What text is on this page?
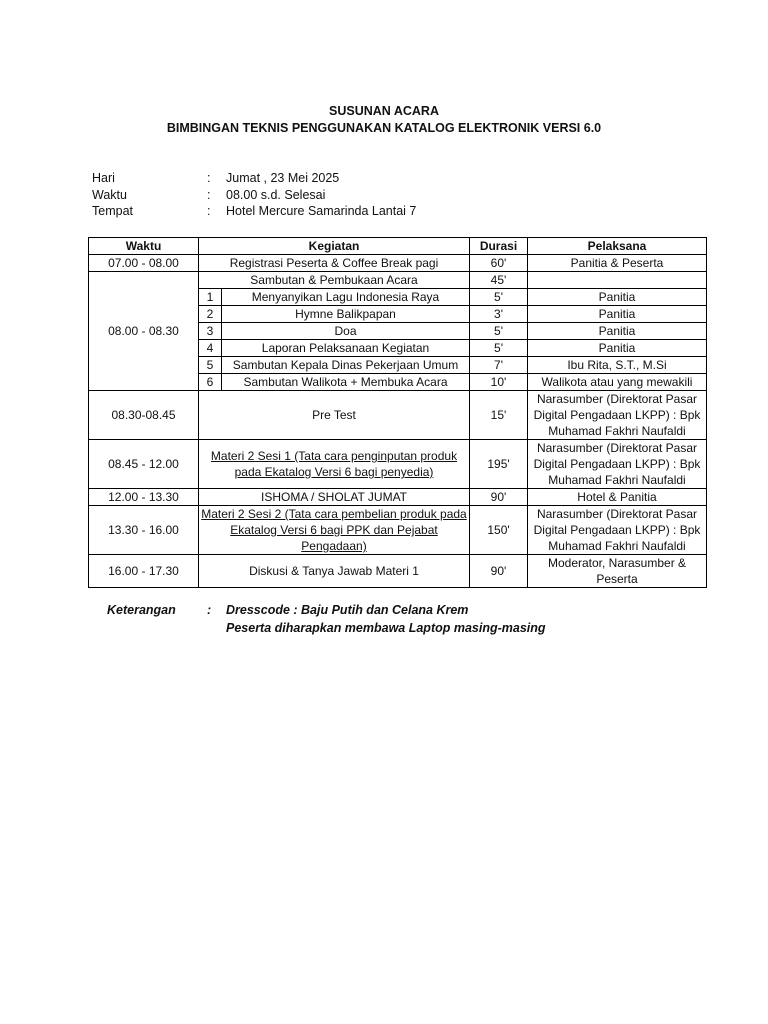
SUSUNAN ACARA
BIMBINGAN TEKNIS PENGGUNAKAN KATALOG ELEKTRONIK VERSI 6.0
Hari	: Jumat , 23 Mei 2025
Waktu	: 08.00 s.d. Selesai
Tempat	: Hotel Mercure Samarinda Lantai 7
Waktu	Kegiatan		Durasi	Pelaksana
07.00 - 08.00	Registrasi Peserta & Coffee Break pagi		60'	Panitia & Peserta
08.00 - 08.30	Sambutan & Pembukaan Acara		45'	
	1	Menyanyikan Lagu Indonesia Raya	5'	Panitia
	2	Hymne Balikpapan	3'	Panitia
	3	Doa	5'	Panitia
	4	Laporan Pelaksanaan Kegiatan	5'	Panitia
	5	Sambutan Kepala Dinas Pekerjaan Umum	7'	Ibu Rita, S.T., M.Si
	6	Sambutan Walikota + Membuka Acara	10'	Walikota atau yang mewakili
08.30-08.45	Pre Test		15'	Narasumber (Direktorat Pasar Digital Pengadaan LKPP) : Bpk Muhamad Fakhri Naufaldi
08.45 - 12.00	Materi 2 Sesi 1 (Tata cara penginputan produk pada Ekatalog Versi 6 bagi penyedia)		195'	Narasumber (Direktorat Pasar Digital Pengadaan LKPP) : Bpk Muhamad Fakhri Naufaldi
12.00 - 13.30	ISHOMA / SHOLAT JUMAT		90'	Hotel & Panitia
13.30 - 16.00	Materi 2 Sesi 2 (Tata cara pembelian produk pada Ekatalog Versi 6 bagi PPK dan Pejabat Pengadaan)		150'	Narasumber (Direktorat Pasar Digital Pengadaan LKPP) : Bpk Muhamad Fakhri Naufaldi
16.00 - 17.30	Diskusi & Tanya Jawab Materi 1		90'	Moderator, Narasumber & Peserta
Keterangan : Dresscode : Baju Putih dan Celana Krem
Peserta diharapkan membawa Laptop masing-masing
